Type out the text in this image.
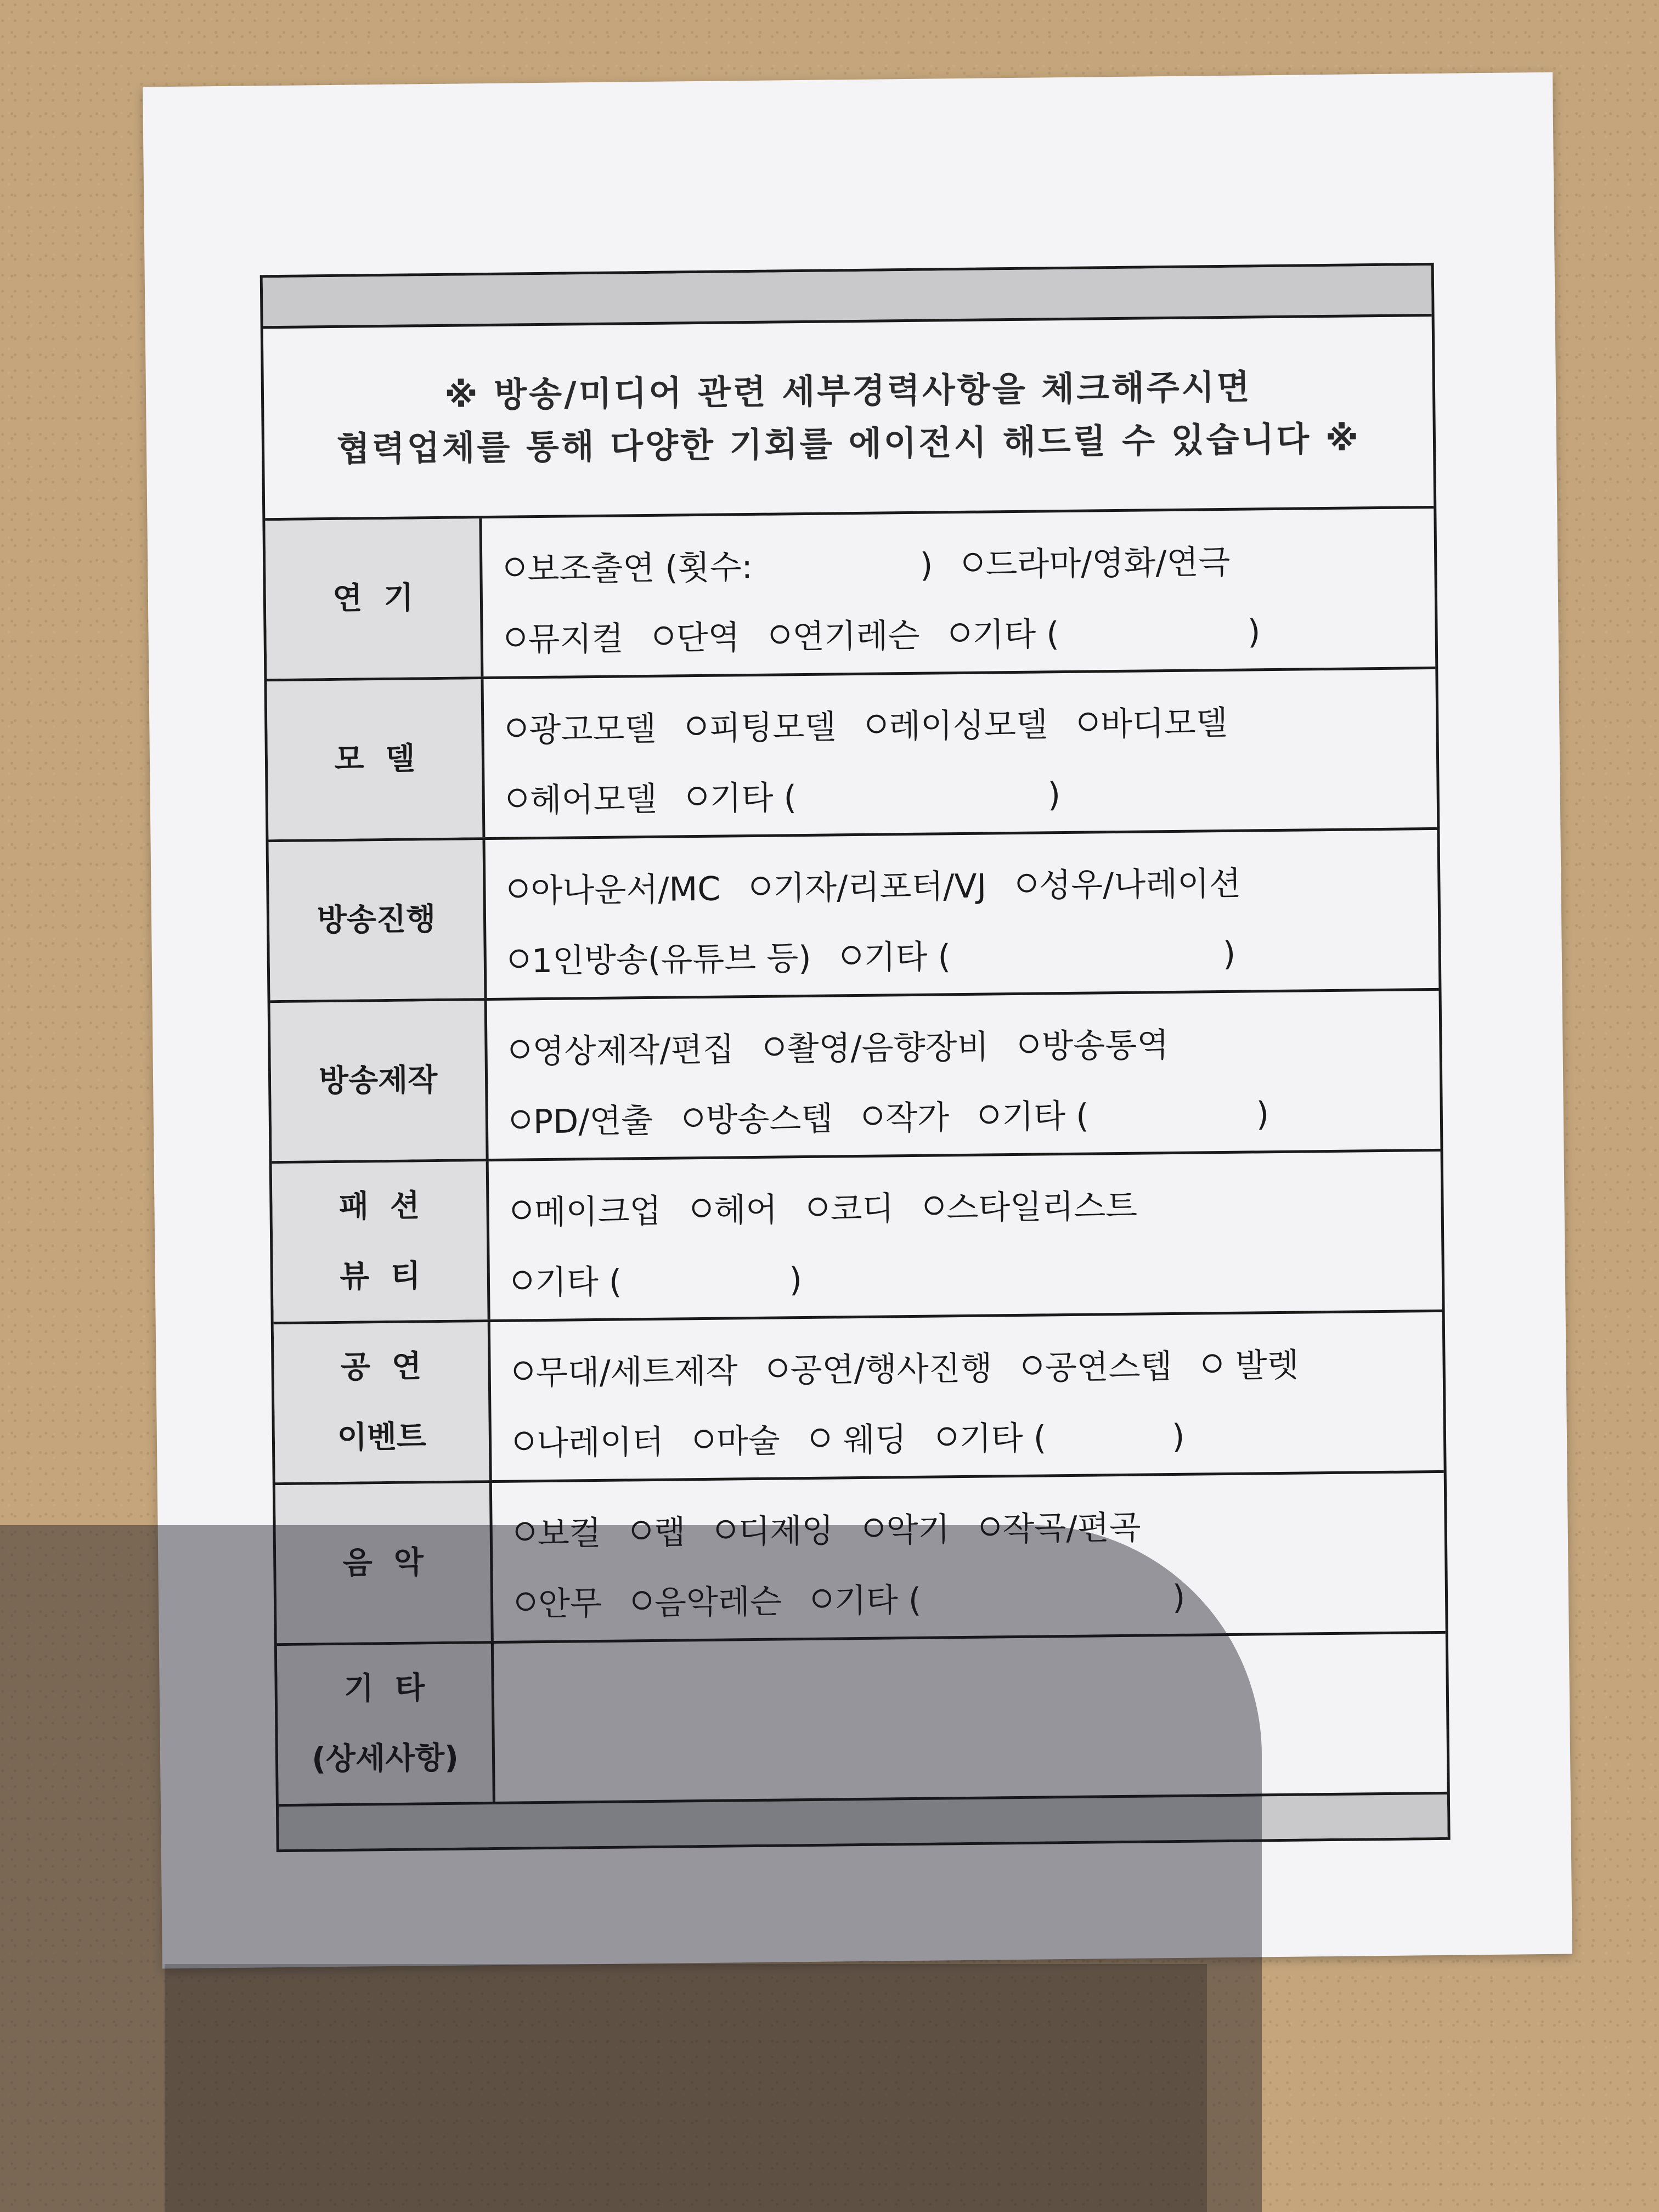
※ 방송/미디어 관련 세부경력사항을 체크해주시면
협력업체를 통해 다양한 기회를 에이전시 해드릴 수 있습니다 ※
연  기
보조출연 (횟수:                ) 드라마/영화/연극
뮤지컬 단역 연기레슨 기타 (                  )
모  델
광고모델 피팅모델 레이싱모델 바디모델
헤어모델 기타 (                        )
방송진행
아나운서/MC 기자/리포터/VJ 성우/나레이션
1인방송(유튜브 등) 기타 (                          )
방송제작
영상제작/편집 촬영/음향장비 방송통역
PD/연출 방송스텝 작가 기타 (                )
패  션
뷰  티
메이크업 헤어 코디 스타일리스트
기타 (                )
공  연
이벤트
무대/세트제작 공연/행사진행 공연스텝 발렛
나레이터 마술 웨딩 기타 (            )
음  악
보컬 랩 디제잉 악기 작곡/편곡
안무 음악레슨 기타 (                        )
기  타
(상세사항)
